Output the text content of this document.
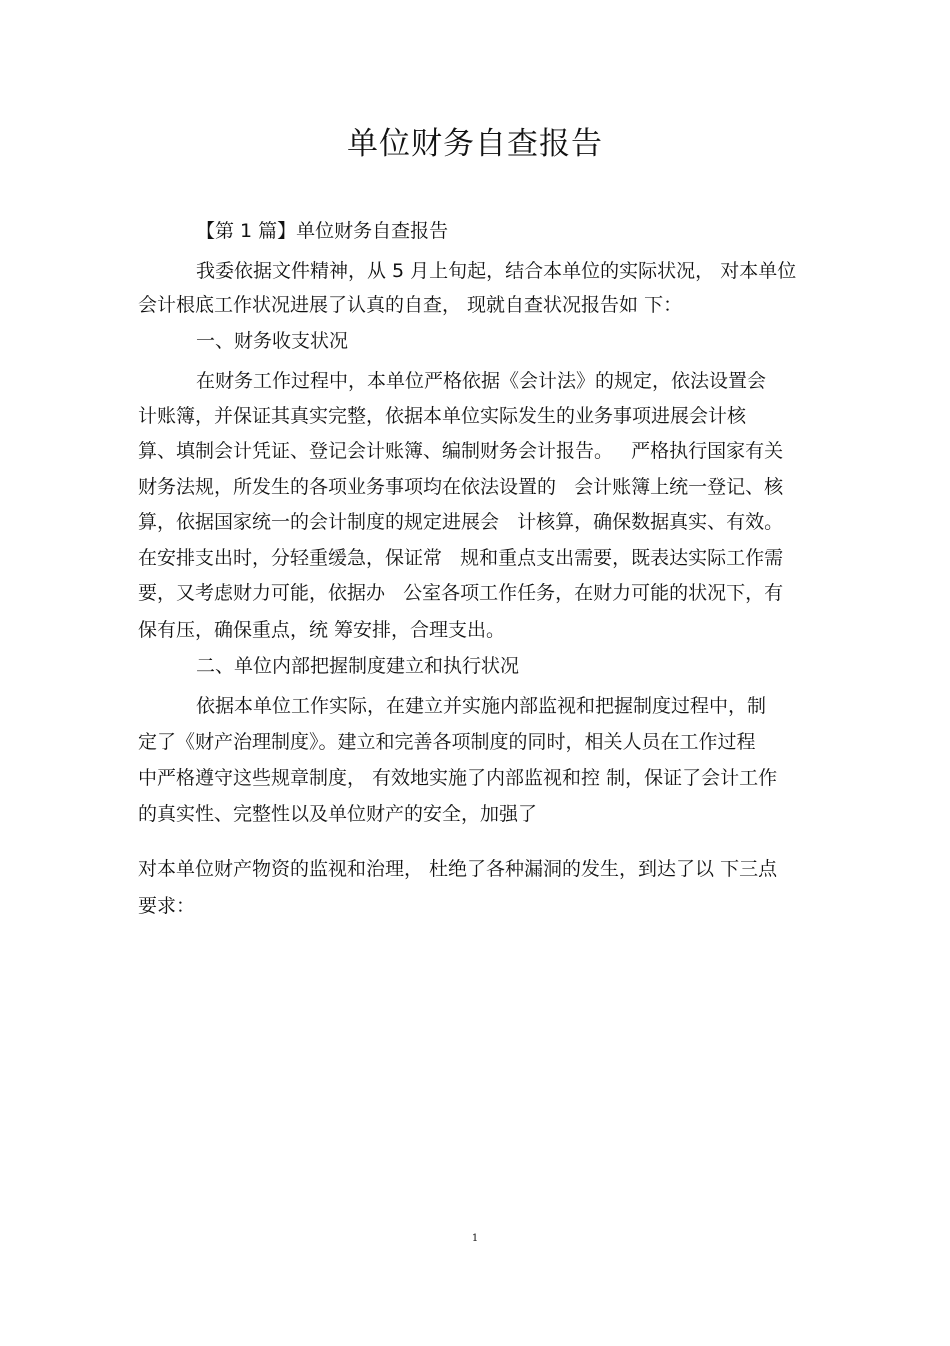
单位财务自查报告

【第 1 篇】单位财务自查报告

我委依据文件精神，从 5 月上旬起，结合本单位的实际状况， 对本单位

会计根底工作状况进展了认真的自查， 现就自查状况报告如 下：

一、财务收支状况

在财务工作过程中，本单位严格依据《会计法》的规定，依法设置会

计账簿，并保证其真实完整，依据本单位实际发生的业务事项进展会计核

算、填制会计凭证、登记会计账簿、编制财务会计报告。   严格执行国家有关

财务法规，所发生的各项业务事项均在依法设置的   会计账簿上统一登记、核

算，依据国家统一的会计制度的规定进展会   计核算，确保数据真实、有效。

在安排支出时，分轻重缓急，保证常   规和重点支出需要，既表达实际工作需

要，又考虑财力可能，依据办   公室各项工作任务，在财力可能的状况下，有

保有压，确保重点，统 筹安排，合理支出。

二、单位内部把握制度建立和执行状况

依据本单位工作实际，在建立并实施内部监视和把握制度过程中，制

定了《财产治理制度》。建立和完善各项制度的同时，相关人员在工作过程

中严格遵守这些规章制度， 有效地实施了内部监视和控 制，保证了会计工作

的真实性、完整性以及单位财产的安全，加强了

对本单位财产物资的监视和治理， 杜绝了各种漏洞的发生，到达了以 下三点

要求：

1
